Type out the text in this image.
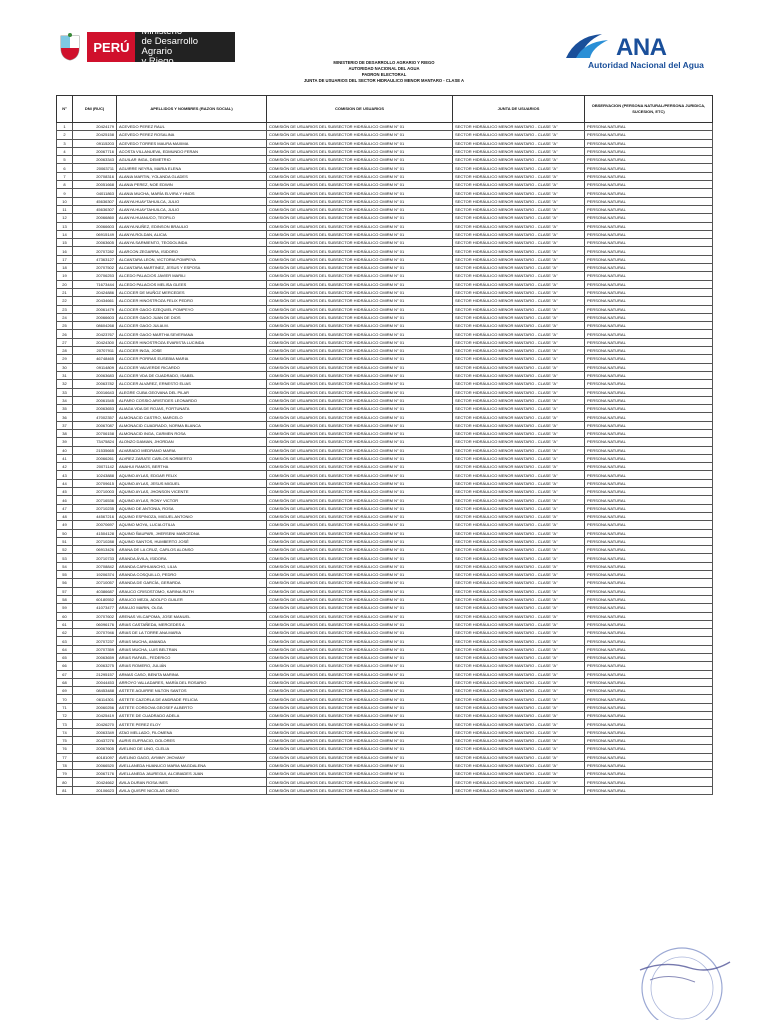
PERÚ
Ministerio
de Desarrollo Agrario
y Riego
ANA
Autoridad Nacional del Agua
MINISTERIO DE DESARROLLO AGRARIO Y RIEGO
AUTORIDAD NACIONAL DEL AGUA
PADRON ELECTORAL
JUNTA DE USUARIOS DEL SECTOR HIDRAULICO MENOR MANTARO - CLASE A
N°	DNI (RUC)	APELLIDOS Y NOMBRES (RAZON SOCIAL)	COMISION DE USUARIOS	JUNTA DE USUARIOS	OBSERVACION (PERSONA NATURAL/PERSONA JURIDICA, SUCESION, ETC)
1	20424179	ACEVEDO PEREZ RAUL	COMISIÓN DE USUARIOS DEL SUBSECTOR HIDRÁULICO CMIRM N° 01	SECTOR HIDRÁULICO MENOR MANTARO - CLASE "A"	PERSONA NATURAL
2	20425158	ACEVEDO PEREZ ROSALINA	COMISIÓN DE USUARIOS DEL SUBSECTOR HIDRÁULICO CMIRM N° 01	SECTOR HIDRÁULICO MENOR MANTARO - CLASE "A"	PERSONA NATURAL
3	09115203	ACEVEDO TORRES MAURA MAXIMA	COMISIÓN DE USUARIOS DEL SUBSECTOR HIDRÁULICO CMIRM N° 01	SECTOR HIDRÁULICO MENOR MANTARO - CLASE "A"	PERSONA NATURAL
4	20067716	ACOSTA VILLANUEVA, EDMUNDO FERAN	COMISIÓN DE USUARIOS DEL SUBSECTOR HIDRÁULICO CMIRM N° 01	SECTOR HIDRÁULICO MENOR MANTARO - CLASE "A"	PERSONA NATURAL
5	20063343	AGUILAR INGA, DEMETRIO	COMISIÓN DE USUARIOS DEL SUBSECTOR HIDRÁULICO CMIRM N° 01	SECTOR HIDRÁULICO MENOR MANTARO - CLASE "A"	PERSONA NATURAL
6	20063711	AGUIRRE NEYRA, MARIA ELENA	COMISIÓN DE USUARIOS DEL SUBSECTOR HIDRÁULICO CMIRM N° 01	SECTOR HIDRÁULICO MENOR MANTARO - CLASE "A"	PERSONA NATURAL
7	20708316	ALANIA MARTIN, YOLANDA GLADES	COMISIÓN DE USUARIOS DEL SUBSECTOR HIDRÁULICO CMIRM N° 01	SECTOR HIDRÁULICO MENOR MANTARO - CLASE "A"	PERSONA NATURAL
8	20051668	ALANIA PEREZ, NOE EDWIN	COMISIÓN DE USUARIOS DEL SUBSECTOR HIDRÁULICO CMIRM N° 01	SECTOR HIDRÁULICO MENOR MANTARO - CLASE "A"	PERSONA NATURAL
9	04011863	ALANIA MUCHA, MARÍA ELVIRA Y HNOS	COMISIÓN DE USUARIOS DEL SUBSECTOR HIDRÁULICO CMIRM N° 01	SECTOR HIDRÁULICO MENOR MANTARO - CLASE "A"	PERSONA NATURAL
10	45636307	ALANYA HUAYTAHUILCA, JULIO	COMISIÓN DE USUARIOS DEL SUBSECTOR HIDRÁULICO CMIRM N° 01	SECTOR HIDRÁULICO MENOR MANTARO - CLASE "A"	PERSONA NATURAL
11	45636307	ALANYA HUAYTAHUILCA, JULIO	COMISIÓN DE USUARIOS DEL SUBSECTOR HIDRÁULICO CMIRM N° 01	SECTOR HIDRÁULICO MENOR MANTARO - CLASE "A"	PERSONA NATURAL
12	20066860	ALANYA HUANUCO, TEOFILO	COMISIÓN DE USUARIOS DEL SUBSECTOR HIDRÁULICO CMIRM N° 01	SECTOR HIDRÁULICO MENOR MANTARO - CLASE "A"	PERSONA NATURAL
13	20066603	ALANYA NUÑEZ, EDINSON BRAULIO	COMISIÓN DE USUARIOS DEL SUBSECTOR HIDRÁULICO CMIRM N° 01	SECTOR HIDRÁULICO MENOR MANTARO - CLASE "A"	PERSONA NATURAL
14	06915149	ALANYA ROLDAN, ALICIA	COMISIÓN DE USUARIOS DEL SUBSECTOR HIDRÁULICO CMIRM N° 01	SECTOR HIDRÁULICO MENOR MANTARO - CLASE "A"	PERSONA NATURAL
15	20063605	ALANYA SARMIENTO, TEODOLINDA	COMISIÓN DE USUARIOS DEL SUBSECTOR HIDRÁULICO CMIRM N° 01	SECTOR HIDRÁULICO MENOR MANTARO - CLASE "A"	PERSONA NATURAL
16	20707282	ALARCON ZEGARRA, ISIDORO	COMISIÓN DE USUARIOS DEL SUBSECTOR HIDRÁULICO CMIRM N° 01	SECTOR HIDRÁULICO MENOR MANTARO - CLASE "A"	PERSONA NATURAL
17	47363127	ALCANTARA LEON, VICTORIA POMPEYA	COMISIÓN DE USUARIOS DEL SUBSECTOR HIDRÁULICO CMIRM N° 01	SECTOR HIDRÁULICO MENOR MANTARO - CLASE "A"	PERSONA NATURAL
18	20707502	ALCANTARA MARTINEZ, JESUS Y ESPOSA	COMISIÓN DE USUARIOS DEL SUBSECTOR HIDRÁULICO CMIRM N° 01	SECTOR HIDRÁULICO MENOR MANTARO - CLASE "A"	PERSONA NATURAL
19	20706253	ALCEDO PALACIOS JAVIER MARILI	COMISIÓN DE USUARIOS DEL SUBSECTOR HIDRÁULICO CMIRM N° 01	SECTOR HIDRÁULICO MENOR MANTARO - CLASE "A"	PERSONA NATURAL
20	71673444	ALCEDO PALACIOS MELISA GLEES	COMISIÓN DE USUARIOS DEL SUBSECTOR HIDRÁULICO CMIRM N° 01	SECTOR HIDRÁULICO MENOR MANTARO - CLASE "A"	PERSONA NATURAL
21	20424886	ALCOCER DE MUÑOZ MERCEDES	COMISIÓN DE USUARIOS DEL SUBSECTOR HIDRÁULICO CMIRM N° 01	SECTOR HIDRÁULICO MENOR MANTARO - CLASE "A"	PERSONA NATURAL
22	20434661	ALCOCER HINOSTROZA FELIX PEDRO	COMISIÓN DE USUARIOS DEL SUBSECTOR HIDRÁULICO CMIRM N° 01	SECTOR HIDRÁULICO MENOR MANTARO - CLASE "A"	PERSONA NATURAL
23	20061479	ALCOCER GAGO EZEQUIEL POMPEYO	COMISIÓN DE USUARIOS DEL SUBSECTOR HIDRÁULICO CMIRM N° 01	SECTOR HIDRÁULICO MENOR MANTARO - CLASE "A"	PERSONA NATURAL
24	20066603	ALCOCER GAGO JUAN DE DIOS	COMISIÓN DE USUARIOS DEL SUBSECTOR HIDRÁULICO CMIRM N° 01	SECTOR HIDRÁULICO MENOR MANTARO - CLASE "A"	PERSONA NATURAL
25	08604268	ALCOCER GAGO JULIA M.	COMISIÓN DE USUARIOS DEL SUBSECTOR HIDRÁULICO CMIRM N° 01	SECTOR HIDRÁULICO MENOR MANTARO - CLASE "A"	PERSONA NATURAL
26	20423767	ALCOCER GAGO MARTHA SEVERIANA	COMISIÓN DE USUARIOS DEL SUBSECTOR HIDRÁULICO CMIRM N° 01	SECTOR HIDRÁULICO MENOR MANTARO - CLASE "A"	PERSONA NATURAL
27	20424300	ALCOCER HINOSTROZA EVARISTA LUCINDA	COMISIÓN DE USUARIOS DEL SUBSECTOR HIDRÁULICO CMIRM N° 01	SECTOR HIDRÁULICO MENOR MANTARO - CLASE "A"	PERSONA NATURAL
28	20707911	ALCOCER INGA, JOSE	COMISIÓN DE USUARIOS DEL SUBSECTOR HIDRÁULICO CMIRM N° 01	SECTOR HIDRÁULICO MENOR MANTARO - CLASE "A"	PERSONA NATURAL
29	46748465	ALCOCER PORRAS EUSEBIA MARIA	COMISIÓN DE USUARIOS DEL SUBSECTOR HIDRÁULICO CMIRM N° 01	SECTOR HIDRÁULICO MENOR MANTARO - CLASE "A"	PERSONA NATURAL
30	09114809	ALCOCER VALVERDE RICARDO	COMISIÓN DE USUARIOS DEL SUBSECTOR HIDRÁULICO CMIRM N° 01	SECTOR HIDRÁULICO MENOR MANTARO - CLASE "A"	PERSONA NATURAL
31	20063683	ALCOCER VDA DE CUADRADO, ISABEL	COMISIÓN DE USUARIOS DEL SUBSECTOR HIDRÁULICO CMIRM N° 01	SECTOR HIDRÁULICO MENOR MANTARO - CLASE "A"	PERSONA NATURAL
32	20063782	ALCOCER ALVAREZ, ERNESTO ELIAS	COMISIÓN DE USUARIOS DEL SUBSECTOR HIDRÁULICO CMIRM N° 01	SECTOR HIDRÁULICO MENOR MANTARO - CLASE "A"	PERSONA NATURAL
33	20016643	ALEGRE CUBA GEOVANA DEL PILAR	COMISIÓN DE USUARIOS DEL SUBSECTOR HIDRÁULICO CMIRM N° 01	SECTOR HIDRÁULICO MENOR MANTARO - CLASE "A"	PERSONA NATURAL
34	20061545	ALFARO COSSIO ARISTIDES LEONARDO	COMISIÓN DE USUARIOS DEL SUBSECTOR HIDRÁULICO CMIRM N° 01	SECTOR HIDRÁULICO MENOR MANTARO - CLASE "A"	PERSONA NATURAL
35	20063653	ALIAGA VDA DE ROJAS, FORTUNATA	COMISIÓN DE USUARIOS DEL SUBSECTOR HIDRÁULICO CMIRM N° 01	SECTOR HIDRÁULICO MENOR MANTARO - CLASE "A"	PERSONA NATURAL
36	47002357	ALMONACID CASTRO, MARCELO	COMISIÓN DE USUARIOS DEL SUBSECTOR HIDRÁULICO CMIRM N° 01	SECTOR HIDRÁULICO MENOR MANTARO - CLASE "A"	PERSONA NATURAL
37	20067087	ALMONACID CUADRADO, NORMA BLANCA	COMISIÓN DE USUARIOS DEL SUBSECTOR HIDRÁULICO CMIRM N° 01	SECTOR HIDRÁULICO MENOR MANTARO - CLASE "A"	PERSONA NATURAL
38	20706158	ALMONACID INGA, CARMEN ROSA	COMISIÓN DE USUARIOS DEL SUBSECTOR HIDRÁULICO CMIRM N° 01	SECTOR HIDRÁULICO MENOR MANTARO - CLASE "A"	PERSONA NATURAL
39	73475824	ALONZO DAMIAN, JHORDAN	COMISIÓN DE USUARIOS DEL SUBSECTOR HIDRÁULICO CMIRM N° 01	SECTOR HIDRÁULICO MENOR MANTARO - CLASE "A"	PERSONA NATURAL
40	21535665	ALVARADO MEDRANO MARIA	COMISIÓN DE USUARIOS DEL SUBSECTOR HIDRÁULICO CMIRM N° 01	SECTOR HIDRÁULICO MENOR MANTARO - CLASE "A"	PERSONA NATURAL
41	20066261	ALVREZ ZARATE CARLOS NORBERTO	COMISIÓN DE USUARIOS DEL SUBSECTOR HIDRÁULICO CMIRM N° 01	SECTOR HIDRÁULICO MENOR MANTARO - CLASE "A"	PERSONA NATURAL
42	20071142	ANAHUI RAMOS, BERTHA	COMISIÓN DE USUARIOS DEL SUBSECTOR HIDRÁULICO CMIRM N° 01	SECTOR HIDRÁULICO MENOR MANTARO - CLASE "A"	PERSONA NATURAL
43	10243888	AQUINO AYLAS, EDGAR FELIX	COMISIÓN DE USUARIOS DEL SUBSECTOR HIDRÁULICO CMIRM N° 01	SECTOR HIDRÁULICO MENOR MANTARO - CLASE "A"	PERSONA NATURAL
44	20709615	AQUINO AYLAS, JESUS MIGUEL	COMISIÓN DE USUARIOS DEL SUBSECTOR HIDRÁULICO CMIRM N° 01	SECTOR HIDRÁULICO MENOR MANTARO - CLASE "A"	PERSONA NATURAL
45	20710003	AQUINO AYLAS, JHONSON VICENTE	COMISIÓN DE USUARIOS DEL SUBSECTOR HIDRÁULICO CMIRM N° 01	SECTOR HIDRÁULICO MENOR MANTARO - CLASE "A"	PERSONA NATURAL
46	20716536	AQUINO AYLAS, RONY VICTOR	COMISIÓN DE USUARIOS DEL SUBSECTOR HIDRÁULICO CMIRM N° 01	SECTOR HIDRÁULICO MENOR MANTARO - CLASE "A"	PERSONA NATURAL
47	20710235	AQUINO DE ANTONIA, ROSA	COMISIÓN DE USUARIOS DEL SUBSECTOR HIDRÁULICO CMIRM N° 01	SECTOR HIDRÁULICO MENOR MANTARO - CLASE "A"	PERSONA NATURAL
48	44567216	AQUINO ESPINOZA, MIGUEL ANTONIO	COMISIÓN DE USUARIOS DEL SUBSECTOR HIDRÁULICO CMIRM N° 01	SECTOR HIDRÁULICO MENOR MANTARO - CLASE "A"	PERSONA NATURAL
49	20070697	AQUINO MOYA, LUCIA OTILIA	COMISIÓN DE USUARIOS DEL SUBSECTOR HIDRÁULICO CMIRM N° 01	SECTOR HIDRÁULICO MENOR MANTARO - CLASE "A"	PERSONA NATURAL
50	41504128	AQUINO ÑAUPARI, JHERSENI MARCEDNA	COMISIÓN DE USUARIOS DEL SUBSECTOR HIDRÁULICO CMIRM N° 01	SECTOR HIDRÁULICO MENOR MANTARO - CLASE "A"	PERSONA NATURAL
51	20710288	AQUINO SANTOS, HUMBERTO JOSÉ	COMISIÓN DE USUARIOS DEL SUBSECTOR HIDRÁULICO CMIRM N° 01	SECTOR HIDRÁULICO MENOR MANTARO - CLASE "A"	PERSONA NATURAL
52	06913426	ARANA DE LA CRUZ, CARLOS ALONSO	COMISIÓN DE USUARIOS DEL SUBSECTOR HIDRÁULICO CMIRM N° 01	SECTOR HIDRÁULICO MENOR MANTARO - CLASE "A"	PERSONA NATURAL
53	20710733	ARANDA ÁVILA, ISIDORA	COMISIÓN DE USUARIOS DEL SUBSECTOR HIDRÁULICO CMIRM N° 01	SECTOR HIDRÁULICO MENOR MANTARO - CLASE "A"	PERSONA NATURAL
54	20708842	ARANDA CARHUANCHO, LILIA	COMISIÓN DE USUARIOS DEL SUBSECTOR HIDRÁULICO CMIRM N° 01	SECTOR HIDRÁULICO MENOR MANTARO - CLASE "A"	PERSONA NATURAL
55	19206374	ARANDA COSQUILLO, PEDRO	COMISIÓN DE USUARIOS DEL SUBSECTOR HIDRÁULICO CMIRM N° 01	SECTOR HIDRÁULICO MENOR MANTARO - CLASE "A"	PERSONA NATURAL
56	20710057	ARANDA DE GARCÍA, GERARDA	COMISIÓN DE USUARIOS DEL SUBSECTOR HIDRÁULICO CMIRM N° 01	SECTOR HIDRÁULICO MENOR MANTARO - CLASE "A"	PERSONA NATURAL
57	40386687	ARAUCO CRISOSTOMO, KARINA RUTH	COMISIÓN DE USUARIOS DEL SUBSECTOR HIDRÁULICO CMIRM N° 01	SECTOR HIDRÁULICO MENOR MANTARO - CLASE "A"	PERSONA NATURAL
58	60180552	ARAUCO MEZA, ADOLFO GUILER	COMISIÓN DE USUARIOS DEL SUBSECTOR HIDRÁULICO CMIRM N° 01	SECTOR HIDRÁULICO MENOR MANTARO - CLASE "A"	PERSONA NATURAL
59	41073477	ARAUJO MARIN, OLGA	COMISIÓN DE USUARIOS DEL SUBSECTOR HIDRÁULICO CMIRM N° 01	SECTOR HIDRÁULICO MENOR MANTARO - CLASE "A"	PERSONA NATURAL
60	20707602	ARENAS VILCAPOMA, JOSE MANUEL	COMISIÓN DE USUARIOS DEL SUBSECTOR HIDRÁULICO CMIRM N° 01	SECTOR HIDRÁULICO MENOR MANTARO - CLASE "A"	PERSONA NATURAL
61	06096176	ARIAS CASTAÑEDA, MERCEDES A	COMISIÓN DE USUARIOS DEL SUBSECTOR HIDRÁULICO CMIRM N° 01	SECTOR HIDRÁULICO MENOR MANTARO - CLASE "A"	PERSONA NATURAL
62	20707946	ARIAS DE LA TORRE ANA MARIA	COMISIÓN DE USUARIOS DEL SUBSECTOR HIDRÁULICO CMIRM N° 01	SECTOR HIDRÁULICO MENOR MANTARO - CLASE "A"	PERSONA NATURAL
63	20707237	ARIAS MUCHA, AMANDA	COMISIÓN DE USUARIOS DEL SUBSECTOR HIDRÁULICO CMIRM N° 01	SECTOR HIDRÁULICO MENOR MANTARO - CLASE "A"	PERSONA NATURAL
64	20707359	ARIAS MUCHA, LUIS BELTRAN	COMISIÓN DE USUARIOS DEL SUBSECTOR HIDRÁULICO CMIRM N° 01	SECTOR HIDRÁULICO MENOR MANTARO - CLASE "A"	PERSONA NATURAL
65	20063659	ARIAS RAFAEL, FEDERICO	COMISIÓN DE USUARIOS DEL SUBSECTOR HIDRÁULICO CMIRM N° 01	SECTOR HIDRÁULICO MENOR MANTARO - CLASE "A"	PERSONA NATURAL
66	20063275	ARIAS ROMERO, JULIÁN	COMISIÓN DE USUARIOS DEL SUBSECTOR HIDRÁULICO CMIRM N° 01	SECTOR HIDRÁULICO MENOR MANTARO - CLASE "A"	PERSONA NATURAL
67	21295157	ARMAS CASO, BENITA MARINA	COMISIÓN DE USUARIOS DEL SUBSECTOR HIDRÁULICO CMIRM N° 01	SECTOR HIDRÁULICO MENOR MANTARO - CLASE "A"	PERSONA NATURAL
68	20044453	ARROYO VALLADARES, MARÍA DEL ROSARIO	COMISIÓN DE USUARIOS DEL SUBSECTOR HIDRÁULICO CMIRM N° 01	SECTOR HIDRÁULICO MENOR MANTARO - CLASE "A"	PERSONA NATURAL
69	08453488	ASTETE AGUIRRE NILTON SANTOS	COMISIÓN DE USUARIOS DEL SUBSECTOR HIDRÁULICO CMIRM N° 01	SECTOR HIDRÁULICO MENOR MANTARO - CLASE "A"	PERSONA NATURAL
70	06114301	ASTETE CAZORLA DE ANDRADE FELICIA	COMISIÓN DE USUARIOS DEL SUBSECTOR HIDRÁULICO CMIRM N° 01	SECTOR HIDRÁULICO MENOR MANTARO - CLASE "A"	PERSONA NATURAL
71	20060256	ASTETE CORDOVA GEOSEF ALBERTO	COMISIÓN DE USUARIOS DEL SUBSECTOR HIDRÁULICO CMIRM N° 01	SECTOR HIDRÁULICO MENOR MANTARO - CLASE "A"	PERSONA NATURAL
72	20425419	ASTETE DE CUADRADO ADELA	COMISIÓN DE USUARIOS DEL SUBSECTOR HIDRÁULICO CMIRM N° 01	SECTOR HIDRÁULICO MENOR MANTARO - CLASE "A"	PERSONA NATURAL
73	20426270	ASTETE PEREZ ELOY	COMISIÓN DE USUARIOS DEL SUBSECTOR HIDRÁULICO CMIRM N° 01	SECTOR HIDRÁULICO MENOR MANTARO - CLASE "A"	PERSONA NATURAL
74	20063349	ATAO MELLADO, FILOMENA	COMISIÓN DE USUARIOS DEL SUBSECTOR HIDRÁULICO CMIRM N° 01	SECTOR HIDRÁULICO MENOR MANTARO - CLASE "A"	PERSONA NATURAL
75	20437276	AURIS EUFRACIO, DOLORES	COMISIÓN DE USUARIOS DEL SUBSECTOR HIDRÁULICO CMIRM N° 01	SECTOR HIDRÁULICO MENOR MANTARO - CLASE "A"	PERSONA NATURAL
76	20067605	AVELINO DE LINO, CLELIA	COMISIÓN DE USUARIOS DEL SUBSECTOR HIDRÁULICO CMIRM N° 01	SECTOR HIDRÁULICO MENOR MANTARO - CLASE "A"	PERSONA NATURAL
77	40181097	AVELINO GAGO, AYMMY JHOVANY	COMISIÓN DE USUARIOS DEL SUBSECTOR HIDRÁULICO CMIRM N° 01	SECTOR HIDRÁULICO MENOR MANTARO - CLASE "A"	PERSONA NATURAL
78	20066520	AVELLANEDA HUANUCO MARIA MAGDALENA	COMISIÓN DE USUARIOS DEL SUBSECTOR HIDRÁULICO CMIRM N° 01	SECTOR HIDRÁULICO MENOR MANTARO - CLASE "A"	PERSONA NATURAL
79	20067176	AVELLANEDA JAUREGUI, ALCIBIADES JUAN	COMISIÓN DE USUARIOS DEL SUBSECTOR HIDRÁULICO CMIRM N° 01	SECTOR HIDRÁULICO MENOR MANTARO - CLASE "A"	PERSONA NATURAL
80	20424662	AVILA DURAN ROSA INES	COMISIÓN DE USUARIOS DEL SUBSECTOR HIDRÁULICO CMIRM N° 01	SECTOR HIDRÁULICO MENOR MANTARO - CLASE "A"	PERSONA NATURAL
81	20106623	AVILA QUISPE NICOLAS DIEGO	COMISIÓN DE USUARIOS DEL SUBSECTOR HIDRÁULICO CMIRM N° 01	SECTOR HIDRÁULICO MENOR MANTARO - CLASE "A"	PERSONA NATURAL
